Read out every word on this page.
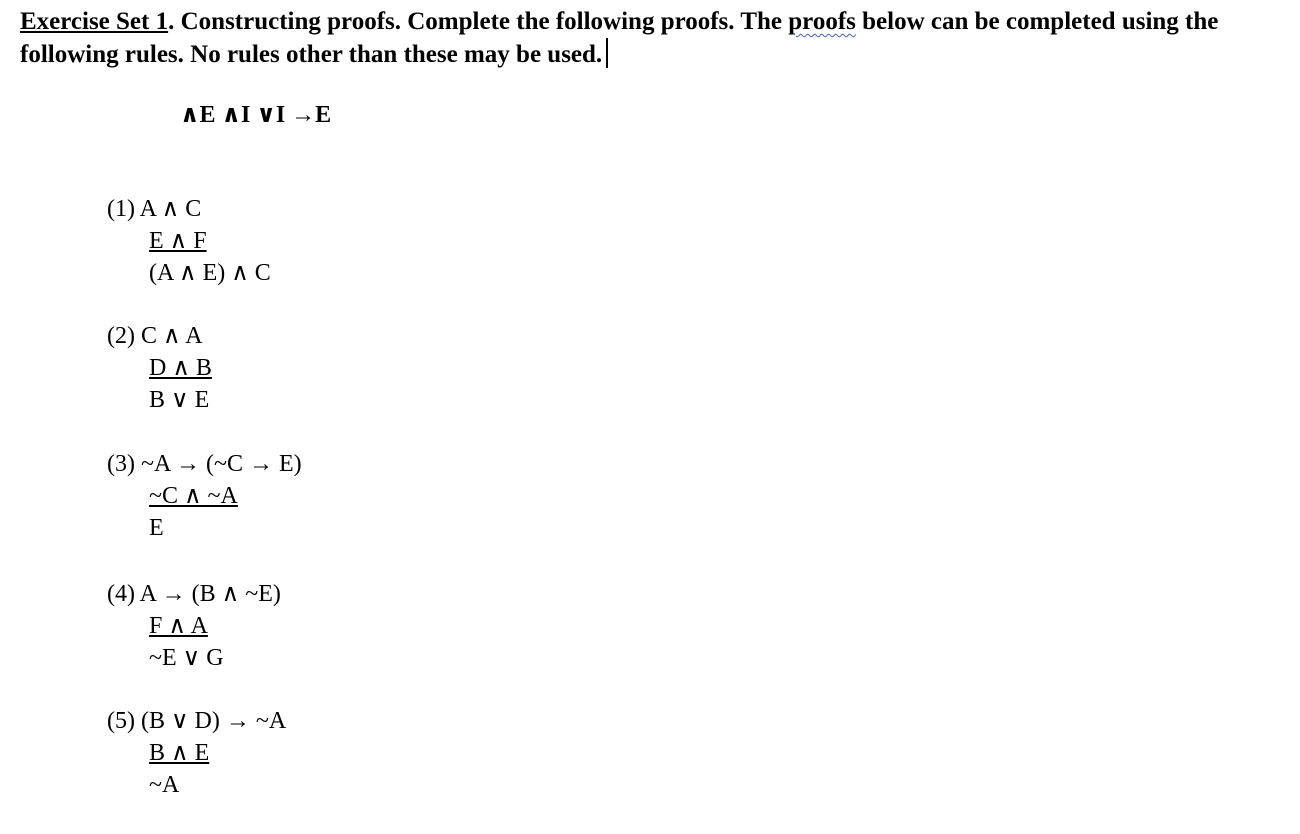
Exercise Set 1. Constructing proofs. Complete the following proofs. The proofs below can be completed using the following rules. No rules other than these may be used.
∧E ∧I ∨I →E
(1) A ∧ C
E ∧ F
(A ∧ E) ∧ C
(2) C ∧ A
D ∧ B
B ∨ E
(3) ~A → (~C → E)
~C ∧ ~A
E
(4) A → (B ∧ ~E)
F ∧ A
~E ∨ G
(5) (B ∨ D) → ~A
B ∧ E
~A
